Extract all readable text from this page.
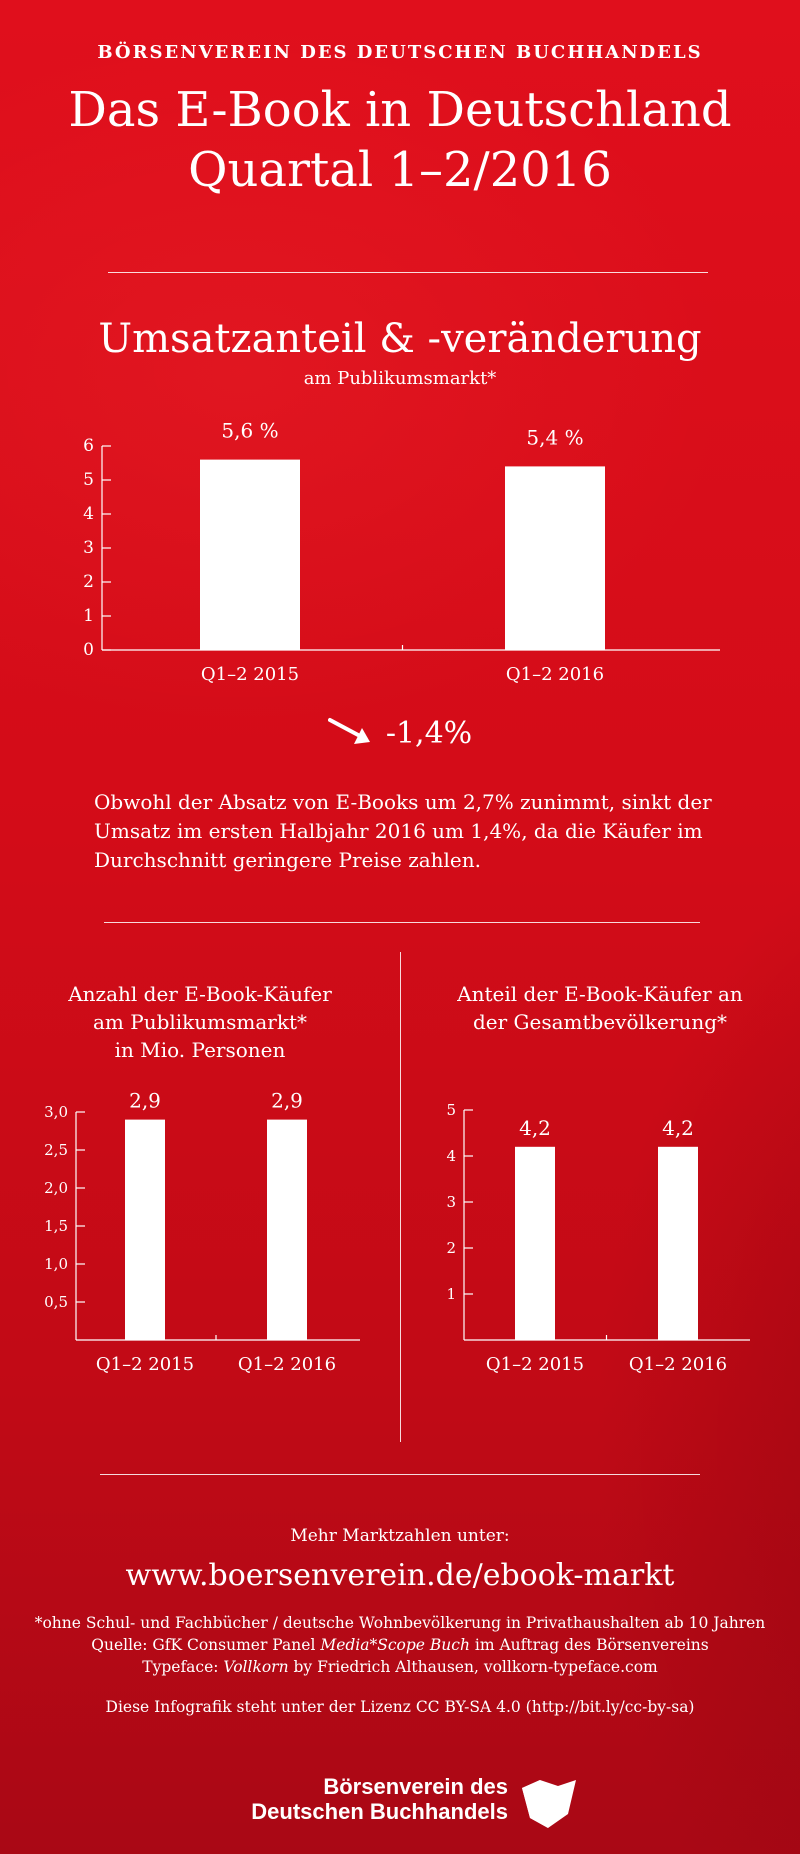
BÖRSENVEREIN DES DEUTSCHEN BUCHHANDELS
Das E-Book in Deutschland
Quartal 1–2/2016
Umsatzanteil & -veränderung
am Publikumsmarkt*
0
1
2
3
4
5
6
5,6 %
Q1–2 2015
5,4 %
Q1–2 2016
-1,4%
Obwohl der Absatz von E-Books um 2,7% zunimmt, sinkt der Umsatz im ersten Halbjahr 2016 um 1,4%, da die Käufer im Durchschnitt geringere Preise zahlen.
Anzahl der E-Book-Käufer
am Publikumsmarkt*
in Mio. Personen
Anteil der E-Book-Käufer an
der Gesamtbevölkerung*
0,5
1,0
1,5
2,0
2,5
3,0	2,9
Q1–2 2015
2,9
Q1–2 2016
1
2
3
4
5
4,2
Q1–2 2015
4,2
Q1–2 2016
Mehr Marktzahlen unter:
www.boersenverein.de/ebook-markt
*ohne Schul- und Fachbücher / deutsche Wohnbevölkerung in Privathaushalten ab 10 Jahren
Quelle: GfK Consumer Panel Media*Scope Buch im Auftrag des Börsenvereins
Typeface: Vollkorn by Friedrich Althausen, vollkorn-typeface.com
Diese Infografik steht unter der Lizenz CC BY-SA 4.0 (http://bit.ly/cc-by-sa)
Börsenverein des
Deutschen Buchhandels
